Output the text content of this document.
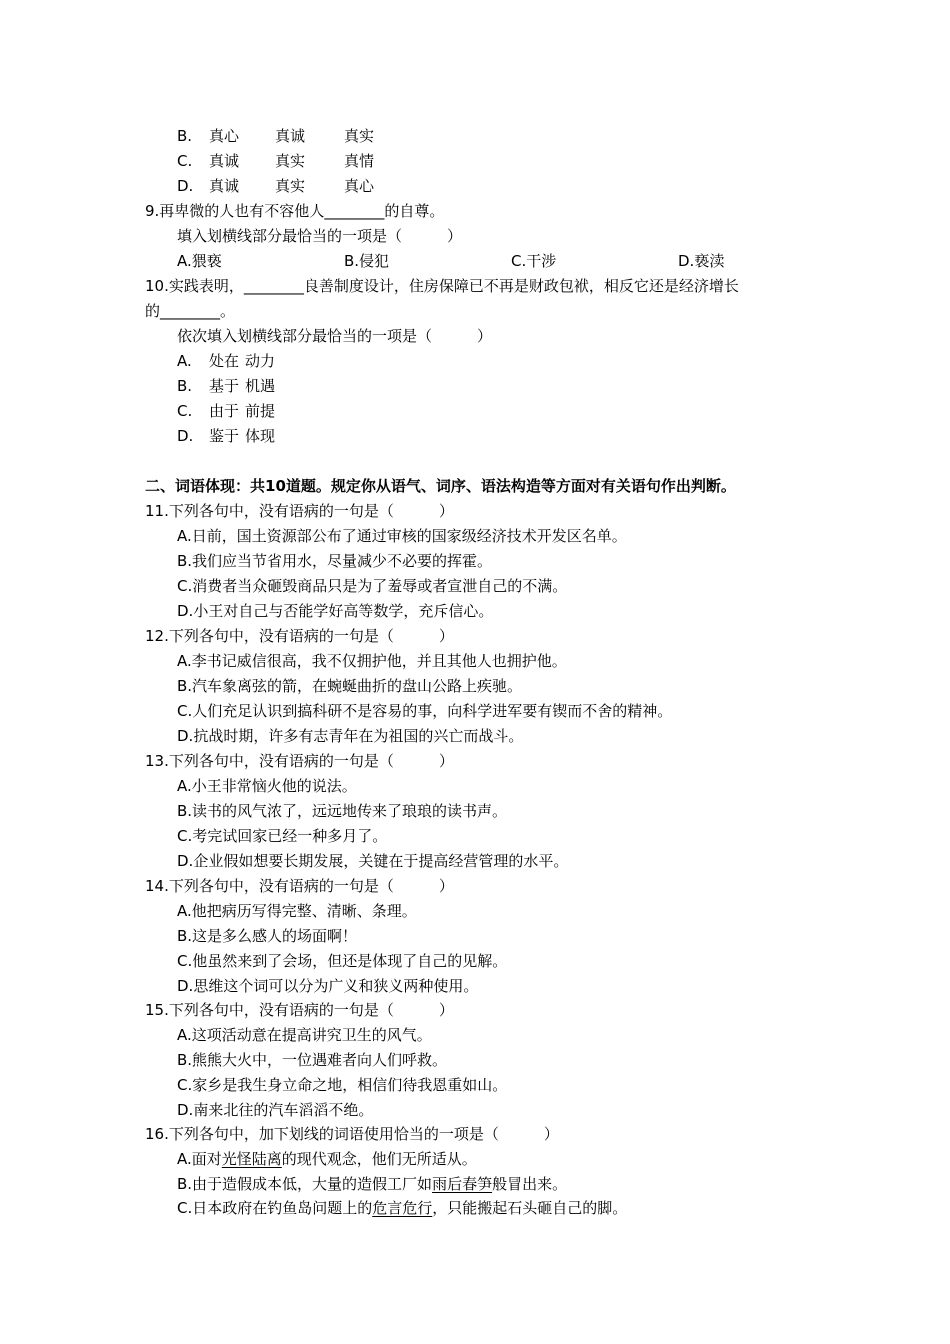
B. 真心 真诚	真实
C. 真诚 真实	真情
D. 真诚 真实	真心
9.再卑微的人也有不容他人________的自尊。
填入划横线部分最恰当的一项是（　　　）
A.猥亵	B.侵犯	C.干涉	D.亵渎
10.实践表明，________良善制度设计，住房保障已不再是财政包袱，相反它还是经济增长
的________。
依次填入划横线部分最恰当的一项是（　　　）
A. 处在 动力
B. 基于 机遇
C. 由于 前提
D. 鉴于 体现
二、词语体现：共10道题。规定你从语气、词序、语法构造等方面对有关语句作出判断。
11.下列各句中，没有语病的一句是（　　　）
A.日前，国土资源部公布了通过审核的国家级经济技术开发区名单。
B.我们应当节省用水，尽量减少不必要的挥霍。
C.消费者当众砸毁商品只是为了羞辱或者宣泄自己的不满。
D.小王对自己与否能学好高等数学，充斥信心。
12.下列各句中，没有语病的一句是（　　　）
A.李书记威信很高，我不仅拥护他，并且其他人也拥护他。
B.汽车象离弦的箭，在蜿蜒曲折的盘山公路上疾驰。
C.人们充足认识到搞科研不是容易的事，向科学进军要有锲而不舍的精神。
D.抗战时期，许多有志青年在为祖国的兴亡而战斗。
13.下列各句中，没有语病的一句是（　　　）
A.小王非常恼火他的说法。
B.读书的风气浓了，远远地传来了琅琅的读书声。
C.考完试回家已经一种多月了。
D.企业假如想要长期发展，关键在于提高经营管理的水平。
14.下列各句中，没有语病的一句是（　　　）
A.他把病历写得完整、清晰、条理。
B.这是多么感人的场面啊！
C.他虽然来到了会场，但还是体现了自己的见解。
D.思维这个词可以分为广义和狭义两种使用。
15.下列各句中，没有语病的一句是（　　　）
A.这项活动意在提高讲究卫生的风气。
B.熊熊大火中，一位遇难者向人们呼救。
C.家乡是我生身立命之地，相信们待我恩重如山。
D.南来北往的汽车滔滔不绝。
16.下列各句中，加下划线的词语使用恰当的一项是（　　　）
A.面对光怪陆离的现代观念，他们无所适从。
B.由于造假成本低，大量的造假工厂如雨后春笋般冒出来。
C.日本政府在钓鱼岛问题上的危言危行，只能搬起石头砸自己的脚。
